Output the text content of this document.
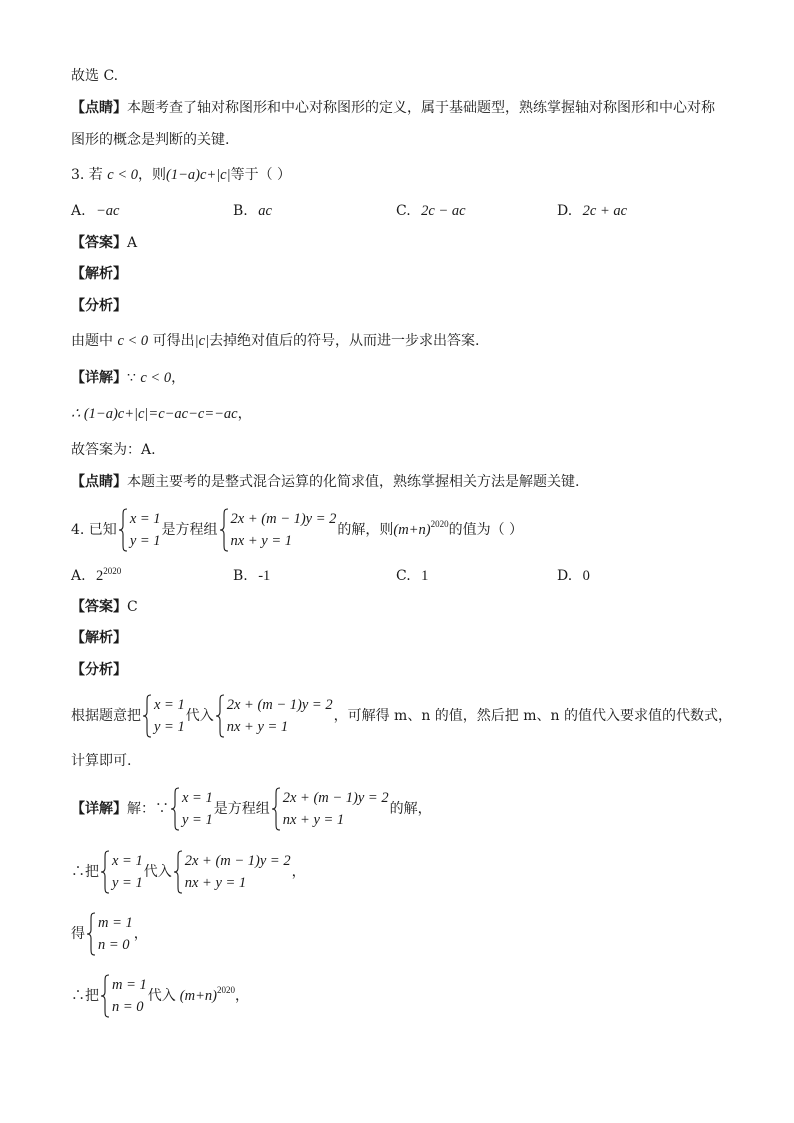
故选 C.
【点睛】本题考查了轴对称图形和中心对称图形的定义，属于基础题型，熟练掌握轴对称图形和中心对称
图形的概念是判断的关键.
3. 若 c < 0，则(1−a)c+|c|等于（ ）
A. −ac	B. ac	C. 2c − ac	D. 2c + ac
【答案】A
【解析】
【分析】
由题中 c < 0 可得出|c|去掉绝对值后的符号，从而进一步求出答案.
【详解】∵ c < 0，
∴ (1−a)c+|c|=c−ac−c=−ac，
故答案为：A.
【点睛】本题主要考的是整式混合运算的化简求值，熟练掌握相关方法是解题关键.
4. 已知
x = 1
y = 1
是方程组
2x + (m − 1)y = 2
nx + y = 1
的解，则 (m+n) 2020 的值为（ ）
A. $2^{2020}$	B. -1	C. 1	D. 0
【答案】C
【解析】
【分析】
根据题意把
x = 1
y = 1
代入
2x + (m − 1)y = 2
nx + y = 1
，可解得 m、n 的值，然后把 m、n 的值代入要求值的代数式，
计算即可.
【详解】 解：∵
x = 1
y = 1
是方程组
2x + (m − 1)y = 2
nx + y = 1
的解，
∴把
x = 1
y = 1
代入
2x + (m − 1)y = 2
nx + y = 1
，
得
m = 1
n = 0
，
∴把
m = 1
n = 0
代入 (m+n) 2020 ，
